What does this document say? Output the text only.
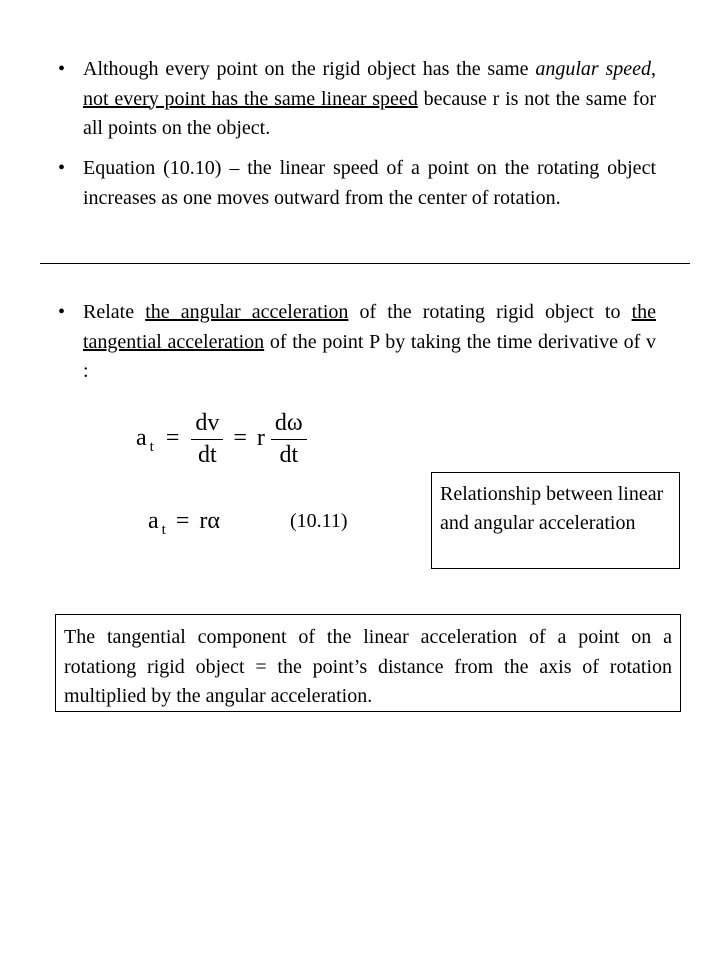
• Although every point on the rigid object has the same angular speed, not every point has the same linear speed because r is not the same for all points on the object.
• Equation (10.10) – the linear speed of a point on the rotating object increases as one moves outward from the center of rotation.
• Relate the angular acceleration of the rotating rigid object to the tangential acceleration of the point P by taking the time derivative of v :
a $_t = \frac{dv}{dt} = r \frac{d\omega}{dt}$
a $_t$ = rα	(10.11)
Relationship between linear and angular acceleration
The tangential component of the linear acceleration of a point on a rotationg rigid object = the point’s distance from the axis of rotation multiplied by the angular acceleration.
